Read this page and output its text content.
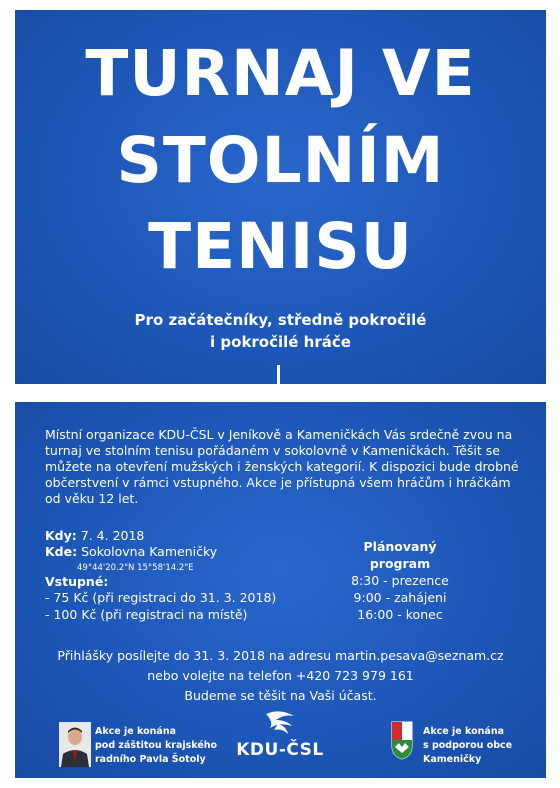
TURNAJ VE
STOLNÍM
TENISU
Pro začátečníky, středně pokročilé
i pokročilé hráče
Místní organizace KDU-ČSL v Jeníkově a Kameničkách Vás srdečně zvou na turnaj ve stolním tenisu pořádaném v sokolovně v Kameničkách. Těšit se můžete na otevření mužských i ženských kategorií. K dispozici bude drobné občerstvení v rámci vstupného. Akce je přístupná všem hráčům i hráčkám od věku 12 let.
Kdy: 7. 4. 2018
Kde: Sokolovna Kameničky
49°44'20.2"N 15°58'14.2"E
Vstupné:
- 75 Kč (při registraci do 31. 3. 2018)
- 100 Kč (při registraci na místě)
Plánovaný program
8:30 - prezence
9:00 - zahájeni
16:00 - konec
Přihlášky posílejte do 31. 3. 2018 na adresu martin.pesava@seznam.cz
nebo volejte na telefon +420 723 979 161
Budeme se těšit na Vaši účast.
Akce je konána
pod záštitou krajského
radního Pavla Šotoly	KDU-ČSL
Akce je konána
s podporou obce
Kameničky
